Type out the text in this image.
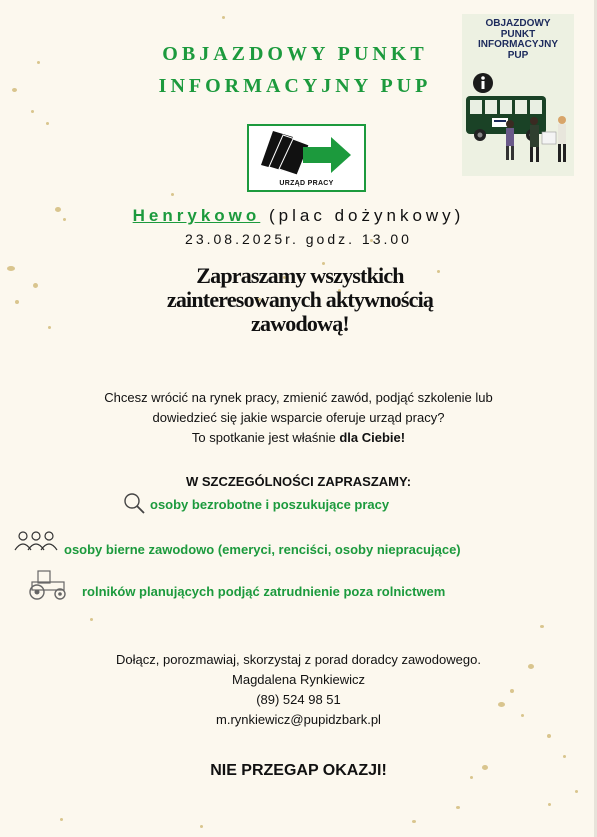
OBJAZDOWY PUNKT
INFORMACYJNY PUP
OBJAZDOWY
PUNKT
INFORMACYJNY
PUP
URZĄD PRACY
Henrykowo (plac dożynkowy)
23.08.2025r. godz. 13.00
Zapraszamy wszystkich
zainteresowanych aktywnością
zawodową!
Chcesz wrócić na rynek pracy, zmienić zawód, podjąć szkolenie lub
dowiedzieć się jakie wsparcie oferuje urząd pracy?
To spotkanie jest właśnie dla Ciebie!
W SZCZEGÓLNOŚCI ZAPRASZAMY:
osoby bezrobotne i poszukujące pracy
osoby bierne zawodowo (emeryci, renciści, osoby niepracujące)
rolników planujących podjąć zatrudnienie poza rolnictwem
Dołącz, porozmawiaj, skorzystaj z porad doradcy zawodowego.
Magdalena Rynkiewicz
(89) 524 98 51
m.rynkiewicz@pupidzbark.pl
NIE PRZEGAP OKAZJI!
